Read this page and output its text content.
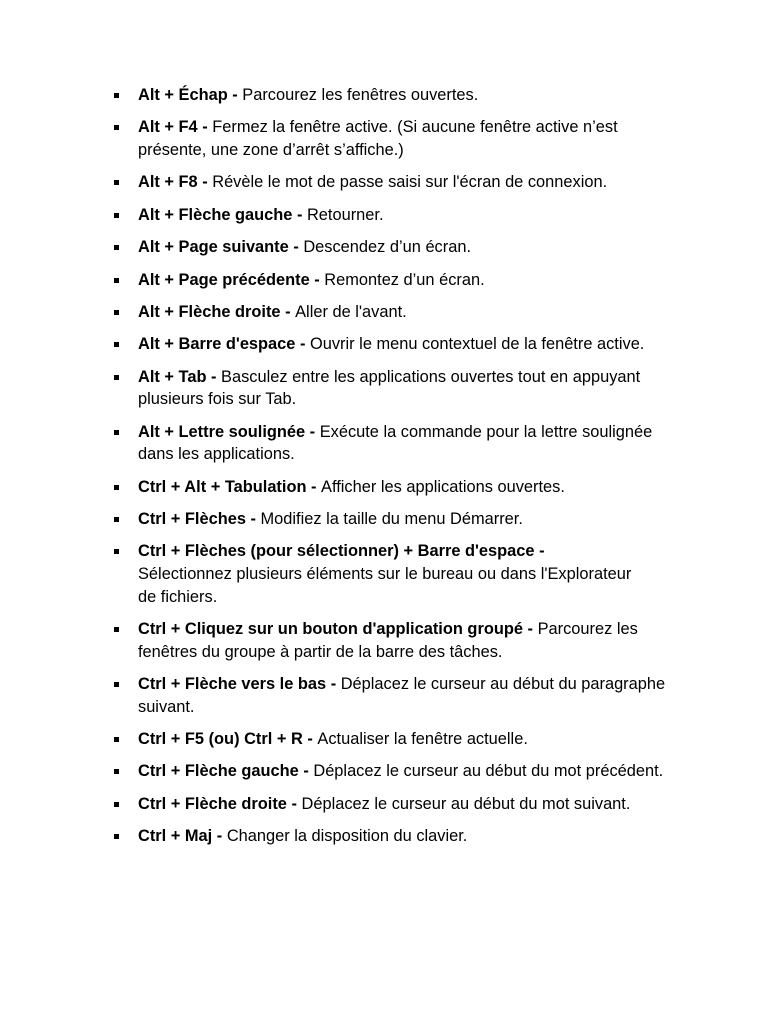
Alt + Échap - Parcourez les fenêtres ouvertes.
Alt + F4 - Fermez la fenêtre active. (Si aucune fenêtre active n’est présente, une zone d’arrêt s’affiche.)
Alt + F8 - Révèle le mot de passe saisi sur l'écran de connexion.
Alt + Flèche gauche - Retourner.
Alt + Page suivante - Descendez d’un écran.
Alt + Page précédente - Remontez d’un écran.
Alt + Flèche droite - Aller de l'avant.
Alt + Barre d'espace - Ouvrir le menu contextuel de la fenêtre active.
Alt + Tab - Basculez entre les applications ouvertes tout en appuyant plusieurs fois sur Tab.
Alt + Lettre soulignée - Exécute la commande pour la lettre soulignée dans les applications.
Ctrl + Alt + Tabulation - Afficher les applications ouvertes.
Ctrl + Flèches - Modifiez la taille du menu Démarrer.
Ctrl + Flèches (pour sélectionner) + Barre d'espace - Sélectionnez plusieurs éléments sur le bureau ou dans l'Explorateur de fichiers.
Ctrl + Cliquez sur un bouton d'application groupé - Parcourez les fenêtres du groupe à partir de la barre des tâches.
Ctrl + Flèche vers le bas - Déplacez le curseur au début du paragraphe suivant.
Ctrl + F5 (ou) Ctrl + R - Actualiser la fenêtre actuelle.
Ctrl + Flèche gauche - Déplacez le curseur au début du mot précédent.
Ctrl + Flèche droite - Déplacez le curseur au début du mot suivant.
Ctrl + Maj - Changer la disposition du clavier.
